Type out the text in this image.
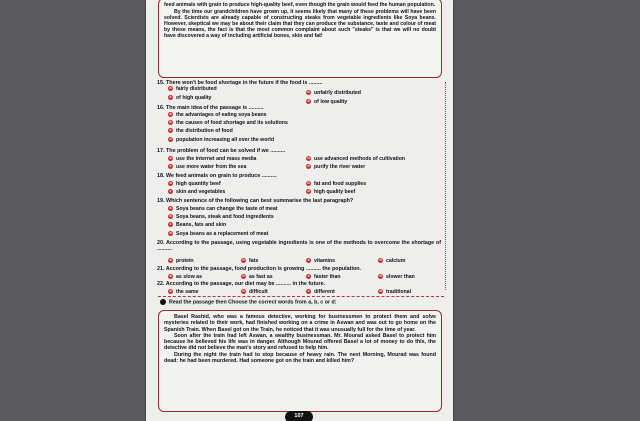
feed animals with grain to produce high-quality beef, even though the grain would feed the human population.

By the time our grandchildren have grown up, it seems likely that many of these problems will have been solved. Scientists are already capable of constructing steaks from vegetable ingredients like Soya beans. However, skeptical we may be about their claim that they can produce the substance, taste and colour of meat by these means, the fact is that the most common complaint about such "steaks" is that we will no doubt have discovered a way of including artificial bones, skin and fat!

15. There won't be food shortage in the future if the food is .........
a fairly distributed
b unfairly distributed
c of high quality
d of low quality
16. The main idea of the passage is ..........
a the advantages of eating soya beans
b the causes of food shortage and its solutions
c the distribution of food
d population increasing all over the world
17. The problem of food can be solved if we ..........
a use the internet and mass media	b use advanced methods of cultivation
c use more water from the sea	d purify the river water
18. We feed animals on grain to produce ..........
a high quantity beef	b fat and food supplies
c skin and vegetables	d high quality beef
19. Which sentence of the following can best summarise the last paragraph?
a Soya beans can change the taste of meat
b Soya beans, steak and food ingredients
c Beans, fats and skin
d Soya beans as a replacement of meat
20. According to the passage, using vegetable ingredients is one of the methods to overcome the shortage of ..........
a protein	b fats	c vitamins	d calcium
21. According to the passage, food production is growing .......... the population.
a as slow as	b as fast as	c faster than	d slower than
22. According to the passage, our diet may be .......... in the future.
a the same	b difficult	c different	d traditional
Read the passage then Choose the correct words from a, b, c or d:

Basel Rashid, who was a famous detective, working for businessmen to protect them and solve mysteries related to their work, had finished working on a crime in Aswan and was out to go home on the Spanish Train. When Basel got on the Train, he noticed that it was unusually full for the time of year.

Soon after the train had left Aswan, a wealthy businessman. Mr. Mourad asked Basel to protect him because he believed his life was in danger. Although Mourad offered Basel a lot of money to do this, the detective did not believe the man's story and refused to help him.

During the night the train had to stop because of heavy rain. The next Morning, Mourad was found dead: he had been murdered. Had someone got on the train and killed him?

107
